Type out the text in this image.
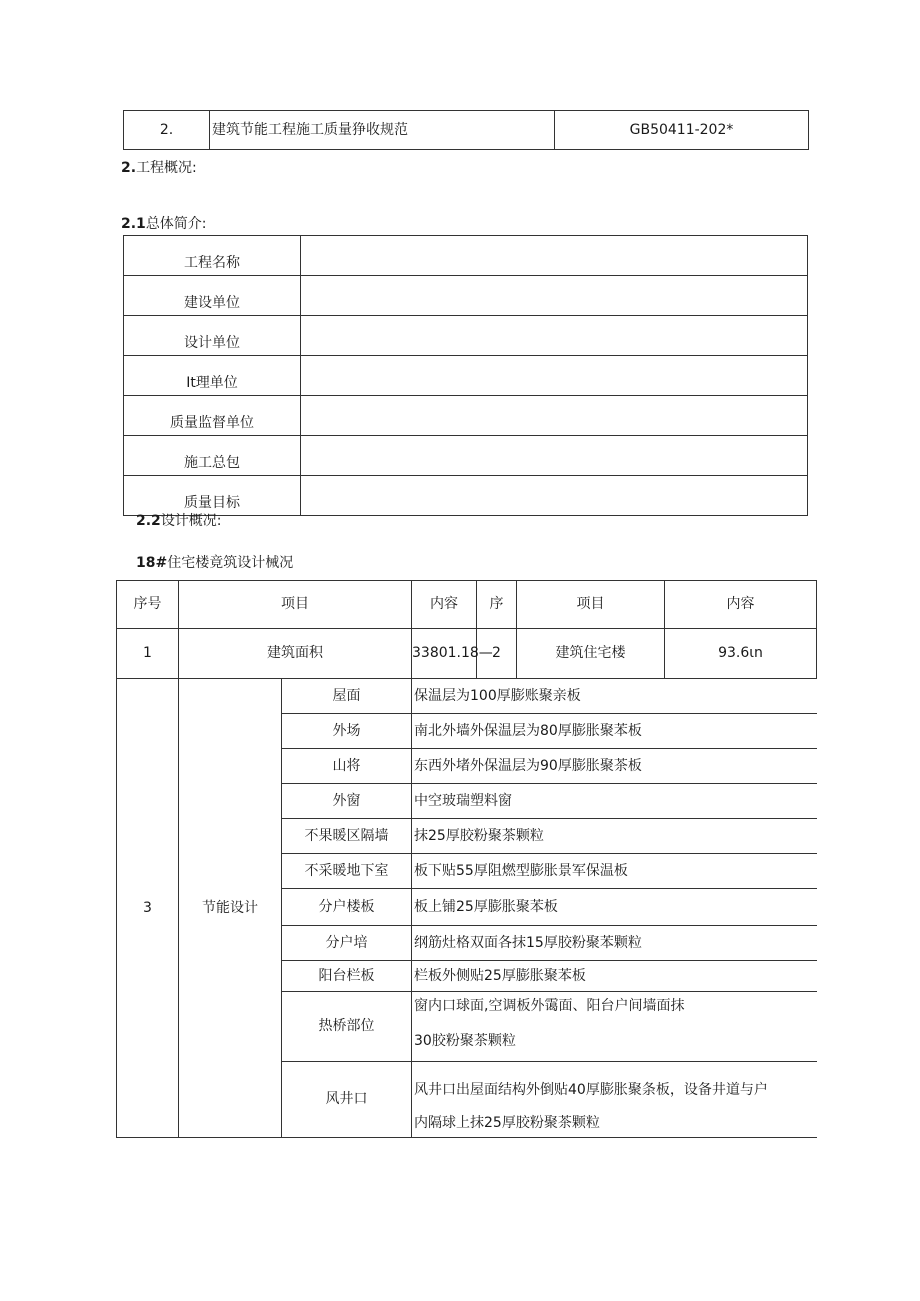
2.	建筑节能工程施工质量狰收规范	GB50411-202*
2.工程概况:
2.1总体简介:
工程名称	
建设单位	
设计单位	
It理单位	
质量监督单位	
施工总包	
质量目标	
2.2设计概况:
18#住宅楼竟筑设计械况
序号	项目		内容	序	项目	内容
1	建筑面积		33801.18—	2	建筑住宅楼	93.6ιn
3	节能设计	屋面	保温层为100厚膨账聚亲板			
		外场	南北外墙外保温层为80厚膨胀聚苯板			
		山将	东西外堵外保温层为90厚膨胀聚茶板			
		外窗	中空玻瑞塑料窗			
		不果暖区隔墙	抹25厚胶粉聚茶颗粒			
		不采暖地下室	板下贴55厚阻燃型膨胀景军保温板			
		分户楼板	板上铺25厚膨胀聚苯板			
		分户培	纲筋灶格双面各抹15厚胶粉聚苯颗粒			
		阳台栏板	栏板外侧贴25厚膨胀聚苯板			
		热桥部位	窗内口球面,空调板外霭面、阳台户间墙面抹
30胶粉聚茶颗粒			

		风井口	风井口出屋面结构外倒贴40厚膨胀聚条板，设备井道与户
内隔球上抹25厚胶粉聚茶颗粒			
